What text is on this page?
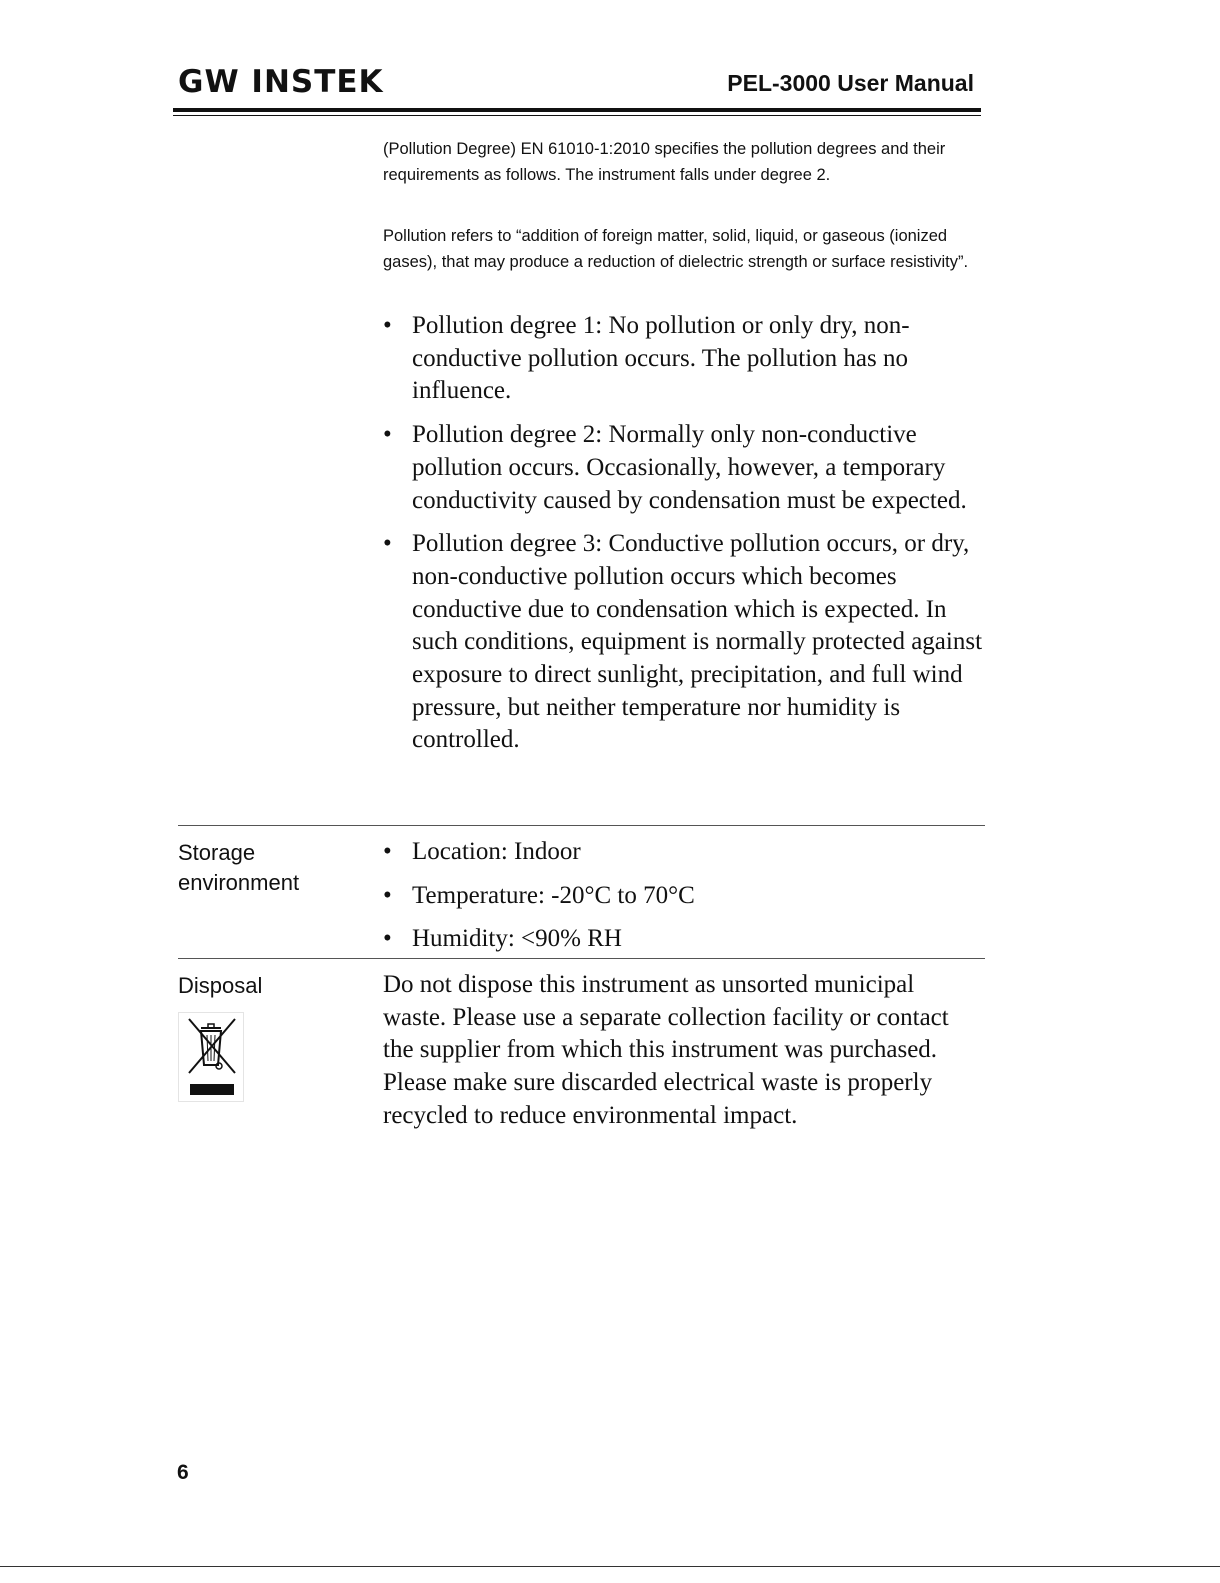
GW INSTEK	PEL-3000 User Manual
(Pollution Degree) EN 61010-1:2010 specifies the pollution degrees and their requirements as follows. The instrument falls under degree 2.
Pollution refers to “addition of foreign matter, solid, liquid, or gaseous (ionized gases), that may produce a reduction of dielectric strength or surface resistivity”.
• Pollution degree 1: No pollution or only dry, non-conductive pollution occurs. The pollution has no influence.
• Pollution degree 2: Normally only non-conductive pollution occurs. Occasionally, however, a temporary conductivity caused by condensation must be expected.
• Pollution degree 3: Conductive pollution occurs, or dry, non-conductive pollution occurs which becomes conductive due to condensation which is expected. In such conditions, equipment is normally protected against exposure to direct sunlight, precipitation, and full wind pressure, but neither temperature nor humidity is controlled.
Storage
environment
• Location: Indoor
• Temperature: -20°C to 70°C
• Humidity: <90% RH
Disposal	Do not dispose this instrument as unsorted municipal waste. Please use a separate collection facility or contact the supplier from which this instrument was purchased. Please make sure discarded electrical waste is properly recycled to reduce environmental impact.
6
